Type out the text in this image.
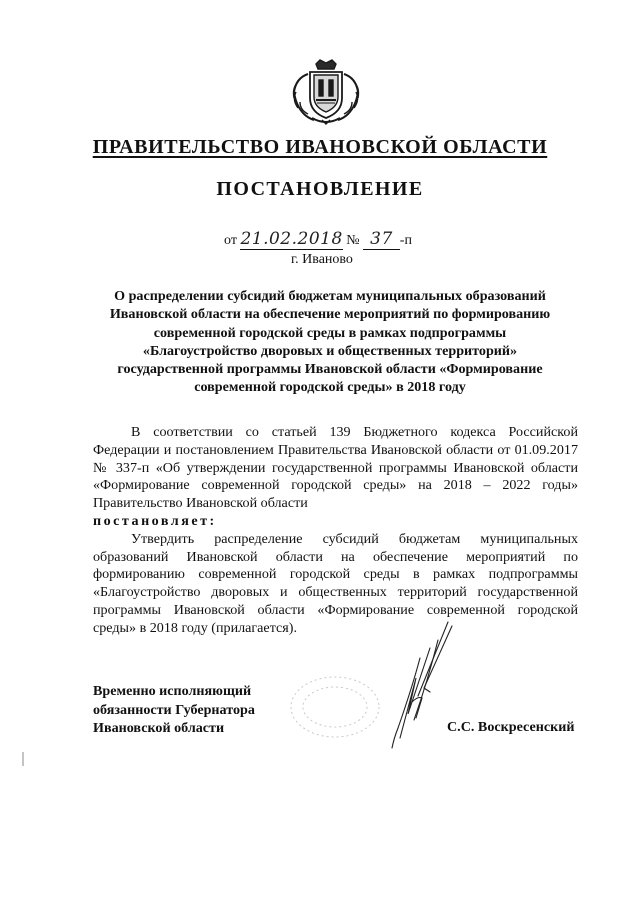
ПРАВИТЕЛЬСТВО ИВАНОВСКОЙ ОБЛАСТИ
ПОСТАНОВЛЕНИЕ
от 21.02.2018 № 37 -п
г. Иваново
О распределении субсидий бюджетам муниципальных образований
Ивановской области на обеспечение мероприятий по формированию
современной городской среды в рамках подпрограммы
«Благоустройство дворовых и общественных территорий»
государственной программы Ивановской области «Формирование
современной городской среды» в 2018 году

В соответствии со статьей 139 Бюджетного кодекса Российской Федерации и постановлением Правительства Ивановской области от 01.09.2017 № 337-п «Об утверждении государственной программы Ивановской области «Формирование современной городской среды» на 2018 – 2022 годы» Правительство Ивановской области

постановляет:

Утвердить распределение субсидий бюджетам муниципальных образований Ивановской области на обеспечение мероприятий по формированию современной городской среды в рамках подпрограммы «Благоустройство дворовых и общественных территорий государственной программы Ивановской области «Формирование современной городской среды» в 2018 году (прилагается).

Временно исполняющий
обязанности Губернатора
Ивановской области	С.С. Воскресенский
